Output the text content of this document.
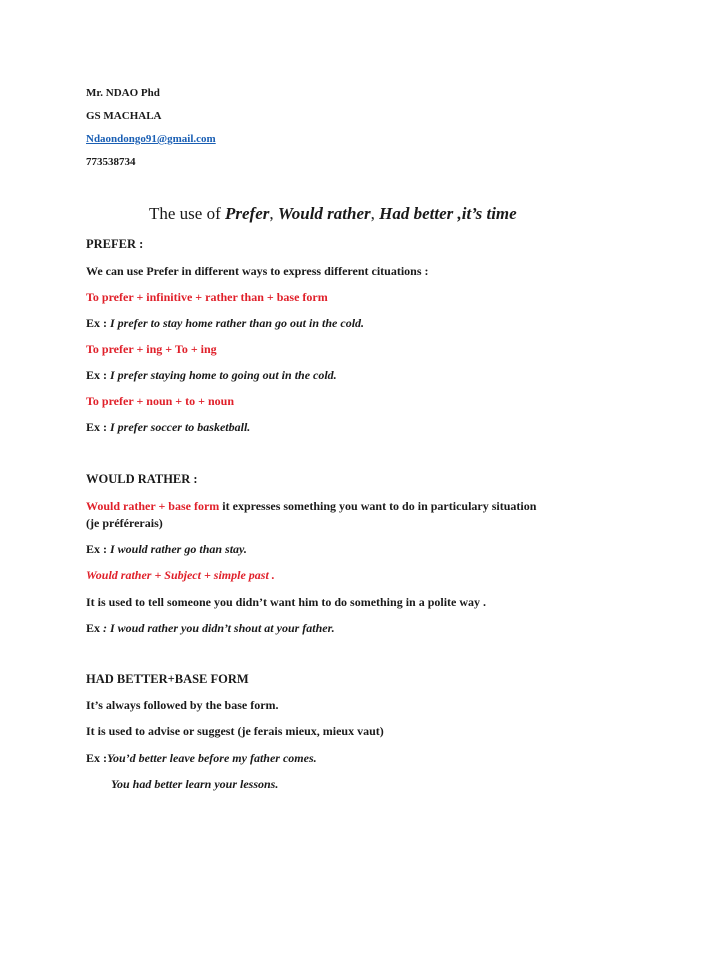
Mr. NDAO Phd
GS MACHALA
Ndaondongo91@gmail.com
773538734
The use of Prefer, Would rather, Had better ,it’s time
PREFER :
We can use Prefer in different ways to express different cituations :
To prefer + infinitive + rather than + base form
Ex : I prefer to stay home rather than go out in the cold.
To prefer + ing + To + ing
Ex : I prefer staying home to going out in the cold.
To prefer + noun + to + noun
Ex : I prefer soccer to basketball.
WOULD RATHER :
Would rather + base form it expresses something you want to do in particulary situation
(je préférerais)
Ex : I would rather go than stay.
Would rather + Subject + simple past .
It is used to tell someone you didn’t want him to do something in a polite way .
Ex : I woud rather you didn’t shout at your father.
HAD BETTER+BASE FORM
It’s always followed by the base form.
It is used to advise or suggest (je ferais mieux, mieux vaut)
Ex :You’d better leave before my father comes.
You had better learn your lessons.
